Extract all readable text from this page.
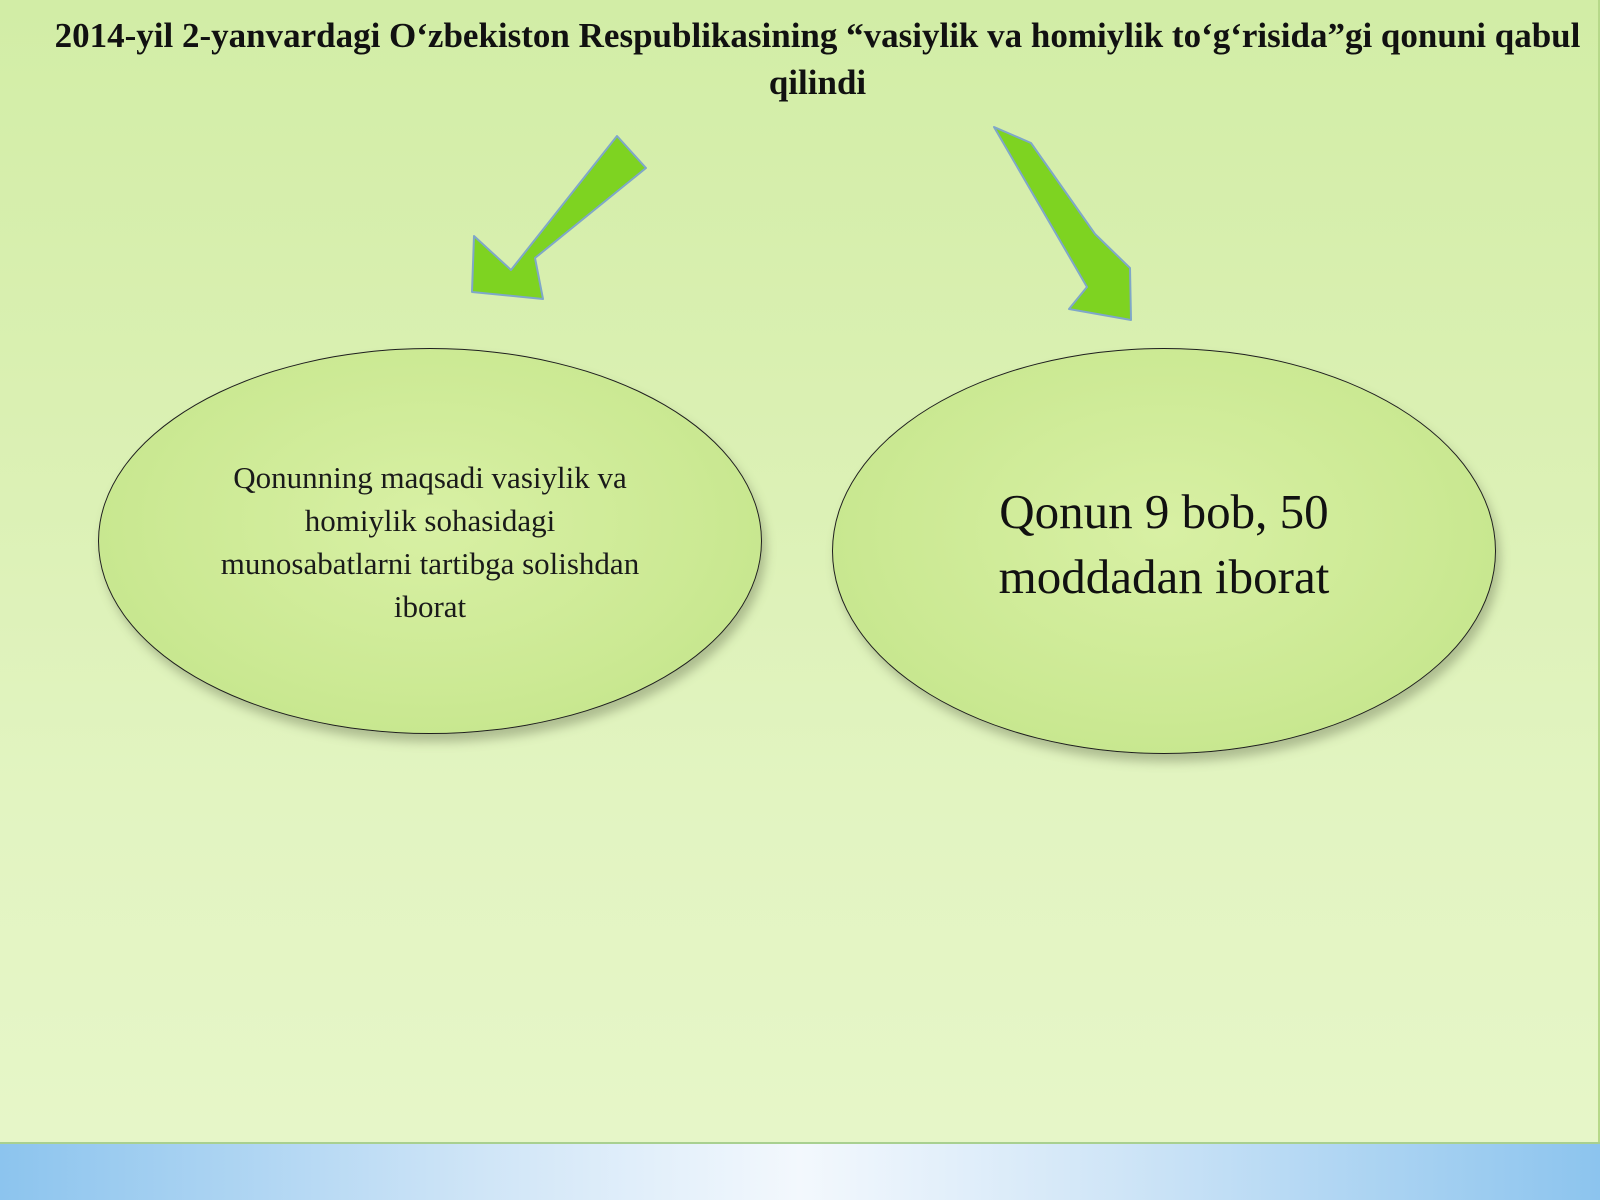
2014-yil 2-yanvardagi O‘zbekiston Respublikasining “vasiylik va homiylik to‘g‘risida”gi qonuni qabul qilindi
Qonunning maqsadi vasiylik va homiylik sohasidagi munosabatlarni tartibga solishdan iborat
Qonun 9 bob, 50 moddadan iborat
